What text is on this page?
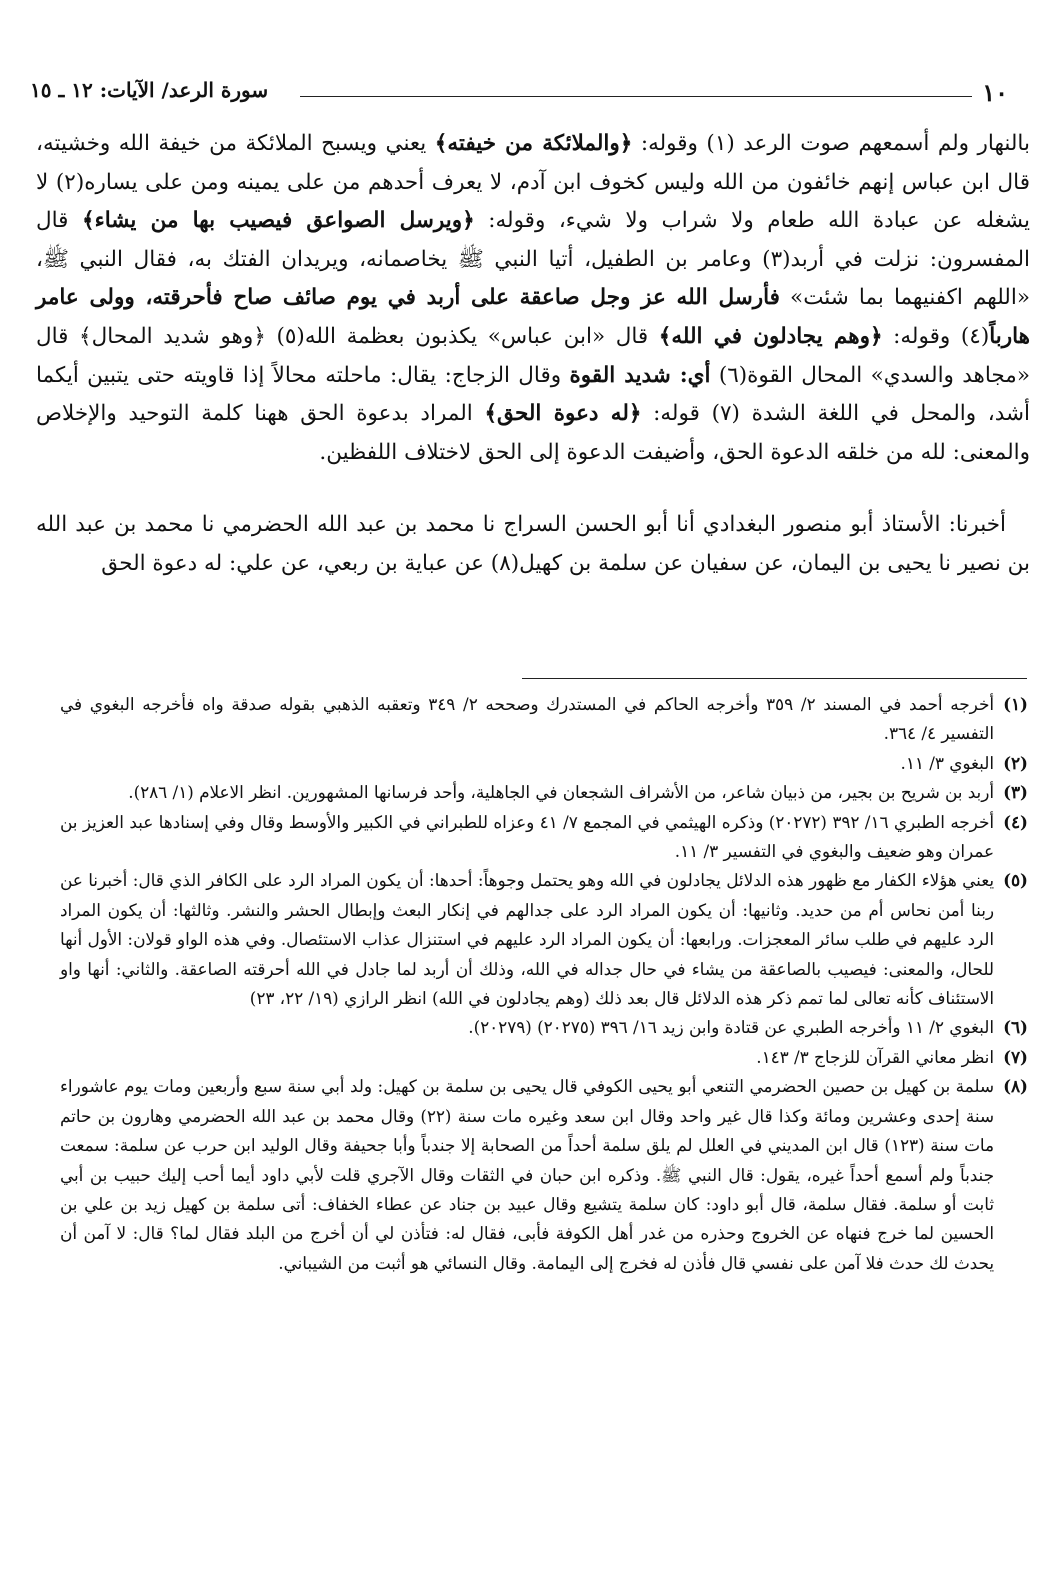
١٠
سورة الرعد/ الآيات: ١٢ ـ ١٥

بالنهار ولم أسمعهم صوت الرعد (١) وقوله: ﴿والملائكة من خيفته﴾ يعني ويسبح الملائكة من خيفة الله وخشيته، قال ابن عباس إنهم خائفون من الله وليس كخوف ابن آدم، لا يعرف أحدهم من على يمينه ومن على يساره(٢) لا يشغله عن عبادة الله طعام ولا شراب ولا شيء، وقوله: ﴿ويرسل الصواعق فيصيب بها من يشاء﴾ قال المفسرون: نزلت في أربد(٣) وعامر بن الطفيل، أتيا النبي ﷺ يخاصمانه، ويريدان الفتك به، فقال النبي ﷺ، «اللهم اكفنيهما بما شئت» فأرسل الله عز وجل صاعقة على أربد في يوم صائف صاح فأحرقته، وولى عامر هارباً(٤) وقوله: ﴿وهم يجادلون في الله﴾ قال «ابن عباس» يكذبون بعظمة الله(٥) ﴿وهو شديد المحال﴾ قال «مجاهد والسدي» المحال القوة(٦) أي: شديد القوة وقال الزجاج: يقال: ماحلته محالاً إذا قاويته حتى يتبين أيكما أشد، والمحل في اللغة الشدة (٧) قوله: ﴿له دعوة الحق﴾ المراد بدعوة الحق ههنا كلمة التوحيد والإخلاص والمعنى: لله من خلقه الدعوة الحق، وأضيفت الدعوة إلى الحق لاختلاف اللفظين.

أخبرنا: الأستاذ أبو منصور البغدادي أنا أبو الحسن السراج نا محمد بن عبد الله الحضرمي نا محمد بن عبد الله بن نصير نا يحيى بن اليمان، عن سفيان عن سلمة بن كهيل(٨) عن عباية بن ربعي، عن علي: له دعوة الحق

(١)
أخرجه أحمد في المسند ٢/ ٣٥٩ وأخرجه الحاكم في المستدرك وصححه ٢/ ٣٤٩ وتعقبه الذهبي بقوله صدقة واه فأخرجه البغوي في التفسير ٤/ ٣٦٤.
(٢)
البغوي ٣/ ١١.
(٣)
أربد بن شريح بن بجير، من ذبيان شاعر، من الأشراف الشجعان في الجاهلية، وأحد فرسانها المشهورين. انظر الاعلام (١/ ٢٨٦).
(٤)
أخرجه الطبري ١٦/ ٣٩٢ (٢٠٢٧٢) وذكره الهيثمي في المجمع ٧/ ٤١ وعزاه للطبراني في الكبير والأوسط وقال وفي إسنادها عبد العزيز بن عمران وهو ضعيف والبغوي في التفسير ٣/ ١١.
(٥)
يعني هؤلاء الكفار مع ظهور هذه الدلائل يجادلون في الله وهو يحتمل وجوهاً: أحدها: أن يكون المراد الرد على الكافر الذي قال: أخبرنا عن ربنا أمن نحاس أم من حديد. وثانيها: أن يكون المراد الرد على جدالهم في إنكار البعث وإبطال الحشر والنشر. وثالثها: أن يكون المراد الرد عليهم في طلب سائر المعجزات. ورابعها: أن يكون المراد الرد عليهم في استنزال عذاب الاستئصال. وفي هذه الواو قولان: الأول أنها للحال، والمعنى: فيصيب بالصاعقة من يشاء في حال جداله في الله، وذلك أن أربد لما جادل في الله أحرقته الصاعقة. والثاني: أنها واو الاستئناف كأنه تعالى لما تمم ذكر هذه الدلائل قال بعد ذلك (وهم يجادلون في الله) انظر الرازي (١٩/ ٢٢، ٢٣)
(٦)
البغوي ٢/ ١١ وأخرجه الطبري عن قتادة وابن زيد ١٦/ ٣٩٦ (٢٠٢٧٥) (٢٠٢٧٩).
(٧)
انظر معاني القرآن للزجاج ٣/ ١٤٣.
(٨)
سلمة بن كهيل بن حصين الحضرمي التنعي أبو يحيى الكوفي قال يحيى بن سلمة بن كهيل: ولد أبي سنة سبع وأربعين ومات يوم عاشوراء سنة إحدى وعشرين ومائة وكذا قال غير واحد وقال ابن سعد وغيره مات سنة (٢٢) وقال محمد بن عبد الله الحضرمي وهارون بن حاتم مات سنة (١٢٣) قال ابن المديني في العلل لم يلق سلمة أحداً من الصحابة إلا جندباً وأبا جحيفة وقال الوليد ابن حرب عن سلمة: سمعت جندباً ولم أسمع أحداً غيره، يقول: قال النبي ﷺ. وذكره ابن حبان في الثقات وقال الآجري قلت لأبي داود أيما أحب إليك حبيب بن أبي ثابت أو سلمة. فقال سلمة، قال أبو داود: كان سلمة يتشيع وقال عبيد بن جناد عن عطاء الخفاف: أتى سلمة بن كهيل زيد بن علي بن الحسين لما خرج فنهاه عن الخروج وحذره من غدر أهل الكوفة فأبى، فقال له: فتأذن لي أن أخرج من البلد فقال لما؟ قال: لا آمن أن يحدث لك حدث فلا آمن على نفسي قال فأذن له فخرج إلى اليمامة. وقال النسائي هو أثبت من الشيباني.
